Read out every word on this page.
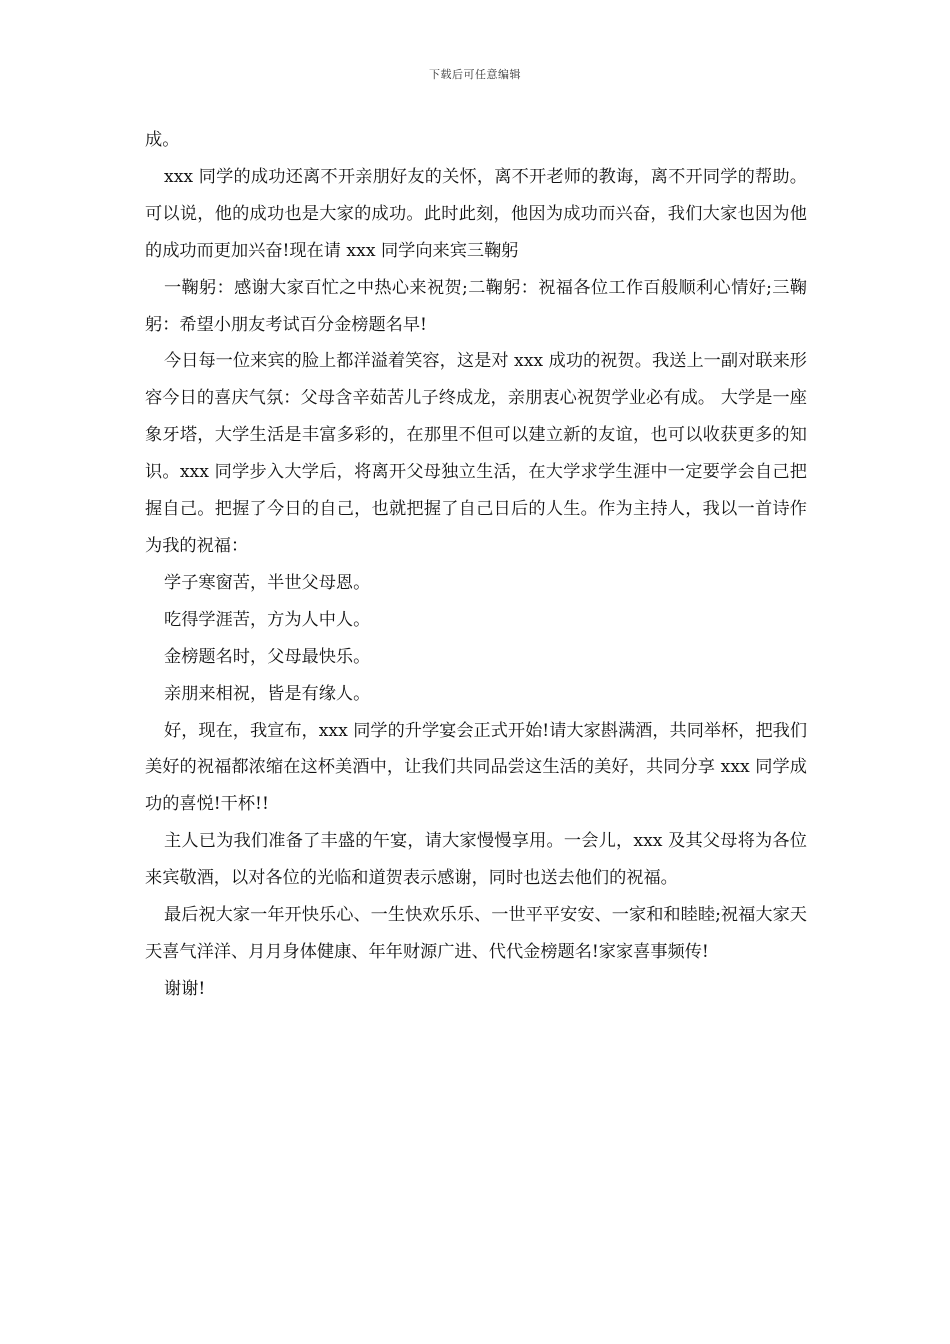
下载后可任意编辑

成。

xxx 同学的成功还离不开亲朋好友的关怀，离不开老师的教诲，离不开同学的帮助。可以说，他的成功也是大家的成功。此时此刻，他因为成功而兴奋，我们大家也因为他的成功而更加兴奋!现在请 xxx 同学向来宾三鞠躬

一鞠躬：感谢大家百忙之中热心来祝贺;二鞠躬：祝福各位工作百般顺利心情好;三鞠躬：希望小朋友考试百分金榜题名早!

今日每一位来宾的脸上都洋溢着笑容，这是对 xxx 成功的祝贺。我送上一副对联来形容今日的喜庆气氛：父母含辛茹苦儿子终成龙，亲朋衷心祝贺学业必有成。 大学是一座象牙塔，大学生活是丰富多彩的，在那里不但可以建立新的友谊，也可以收获更多的知识。xxx 同学步入大学后，将离开父母独立生活，在大学求学生涯中一定要学会自己把握自己。把握了今日的自己，也就把握了自己日后的人生。作为主持人，我以一首诗作为我的祝福：

学子寒窗苦，半世父母恩。

吃得学涯苦，方为人中人。

金榜题名时，父母最快乐。

亲朋来相祝，皆是有缘人。

好，现在，我宣布，xxx 同学的升学宴会正式开始!请大家斟满酒，共同举杯，把我们美好的祝福都浓缩在这杯美酒中，让我们共同品尝这生活的美好，共同分享 xxx 同学成功的喜悦!干杯!!

主人已为我们准备了丰盛的午宴，请大家慢慢享用。一会儿，xxx 及其父母将为各位来宾敬酒，以对各位的光临和道贺表示感谢，同时也送去他们的祝福。

最后祝大家一年开快乐心、一生快欢乐乐、一世平平安安、一家和和睦睦;祝福大家天天喜气洋洋、月月身体健康、年年财源广进、代代金榜题名!家家喜事频传!

谢谢!
